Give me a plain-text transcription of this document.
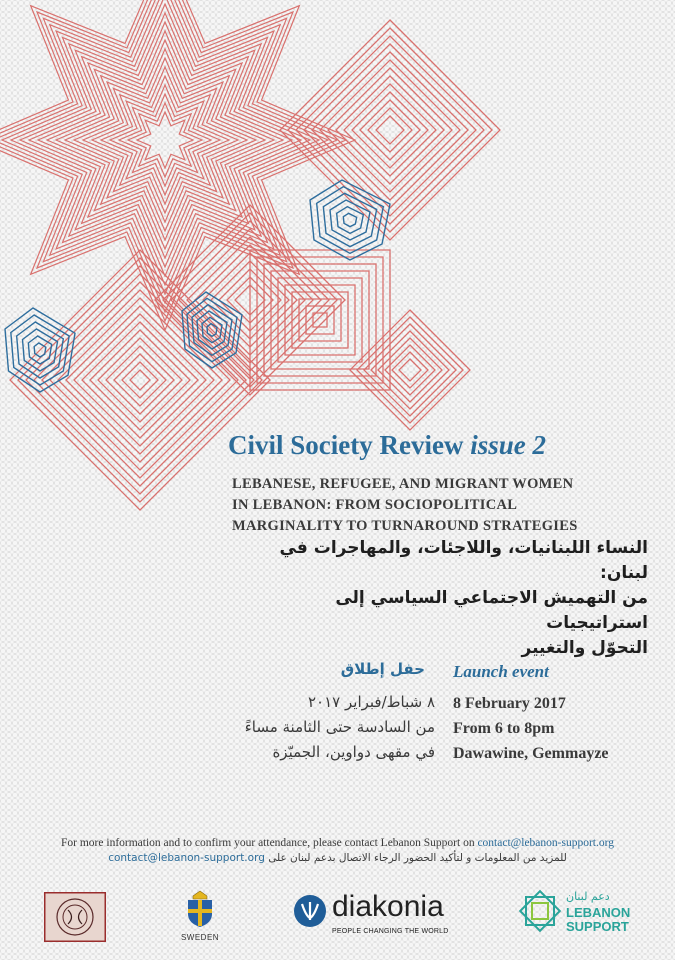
Civil Society Review issue 2

LEBANESE, REFUGEE, AND MIGRANT WOMEN
IN LEBANON: FROM SOCIOPOLITICAL
MARGINALITY TO TURNAROUND STRATEGIES
النساء اللبنانيات، واللاجئات، والمهاجرات في لبنان:
من التهميش الاجتماعي السياسي إلى استراتيجيات
التحوّل والتغيير
حفل إطلاق Launch event
٨ شباط/فبراير ٢٠١٧
من السادسة حتى الثامنة مساءً
في مقهى دواوين، الجميّزة
8 February 2017
From 6 to 8pm
Dawawine, Gemmayze
For more information and to confirm your attendance, please contact Lebanon Support on contact@lebanon-support.org
contact@lebanon-support.org للمزيد من المعلومات و لتأكيد الحضور الرجاء الاتصال بدعم لبنان على
SWEDEN
diakonia
PEOPLE CHANGING THE WORLD
دعم لبنان
LEBANON
SUPPORT
